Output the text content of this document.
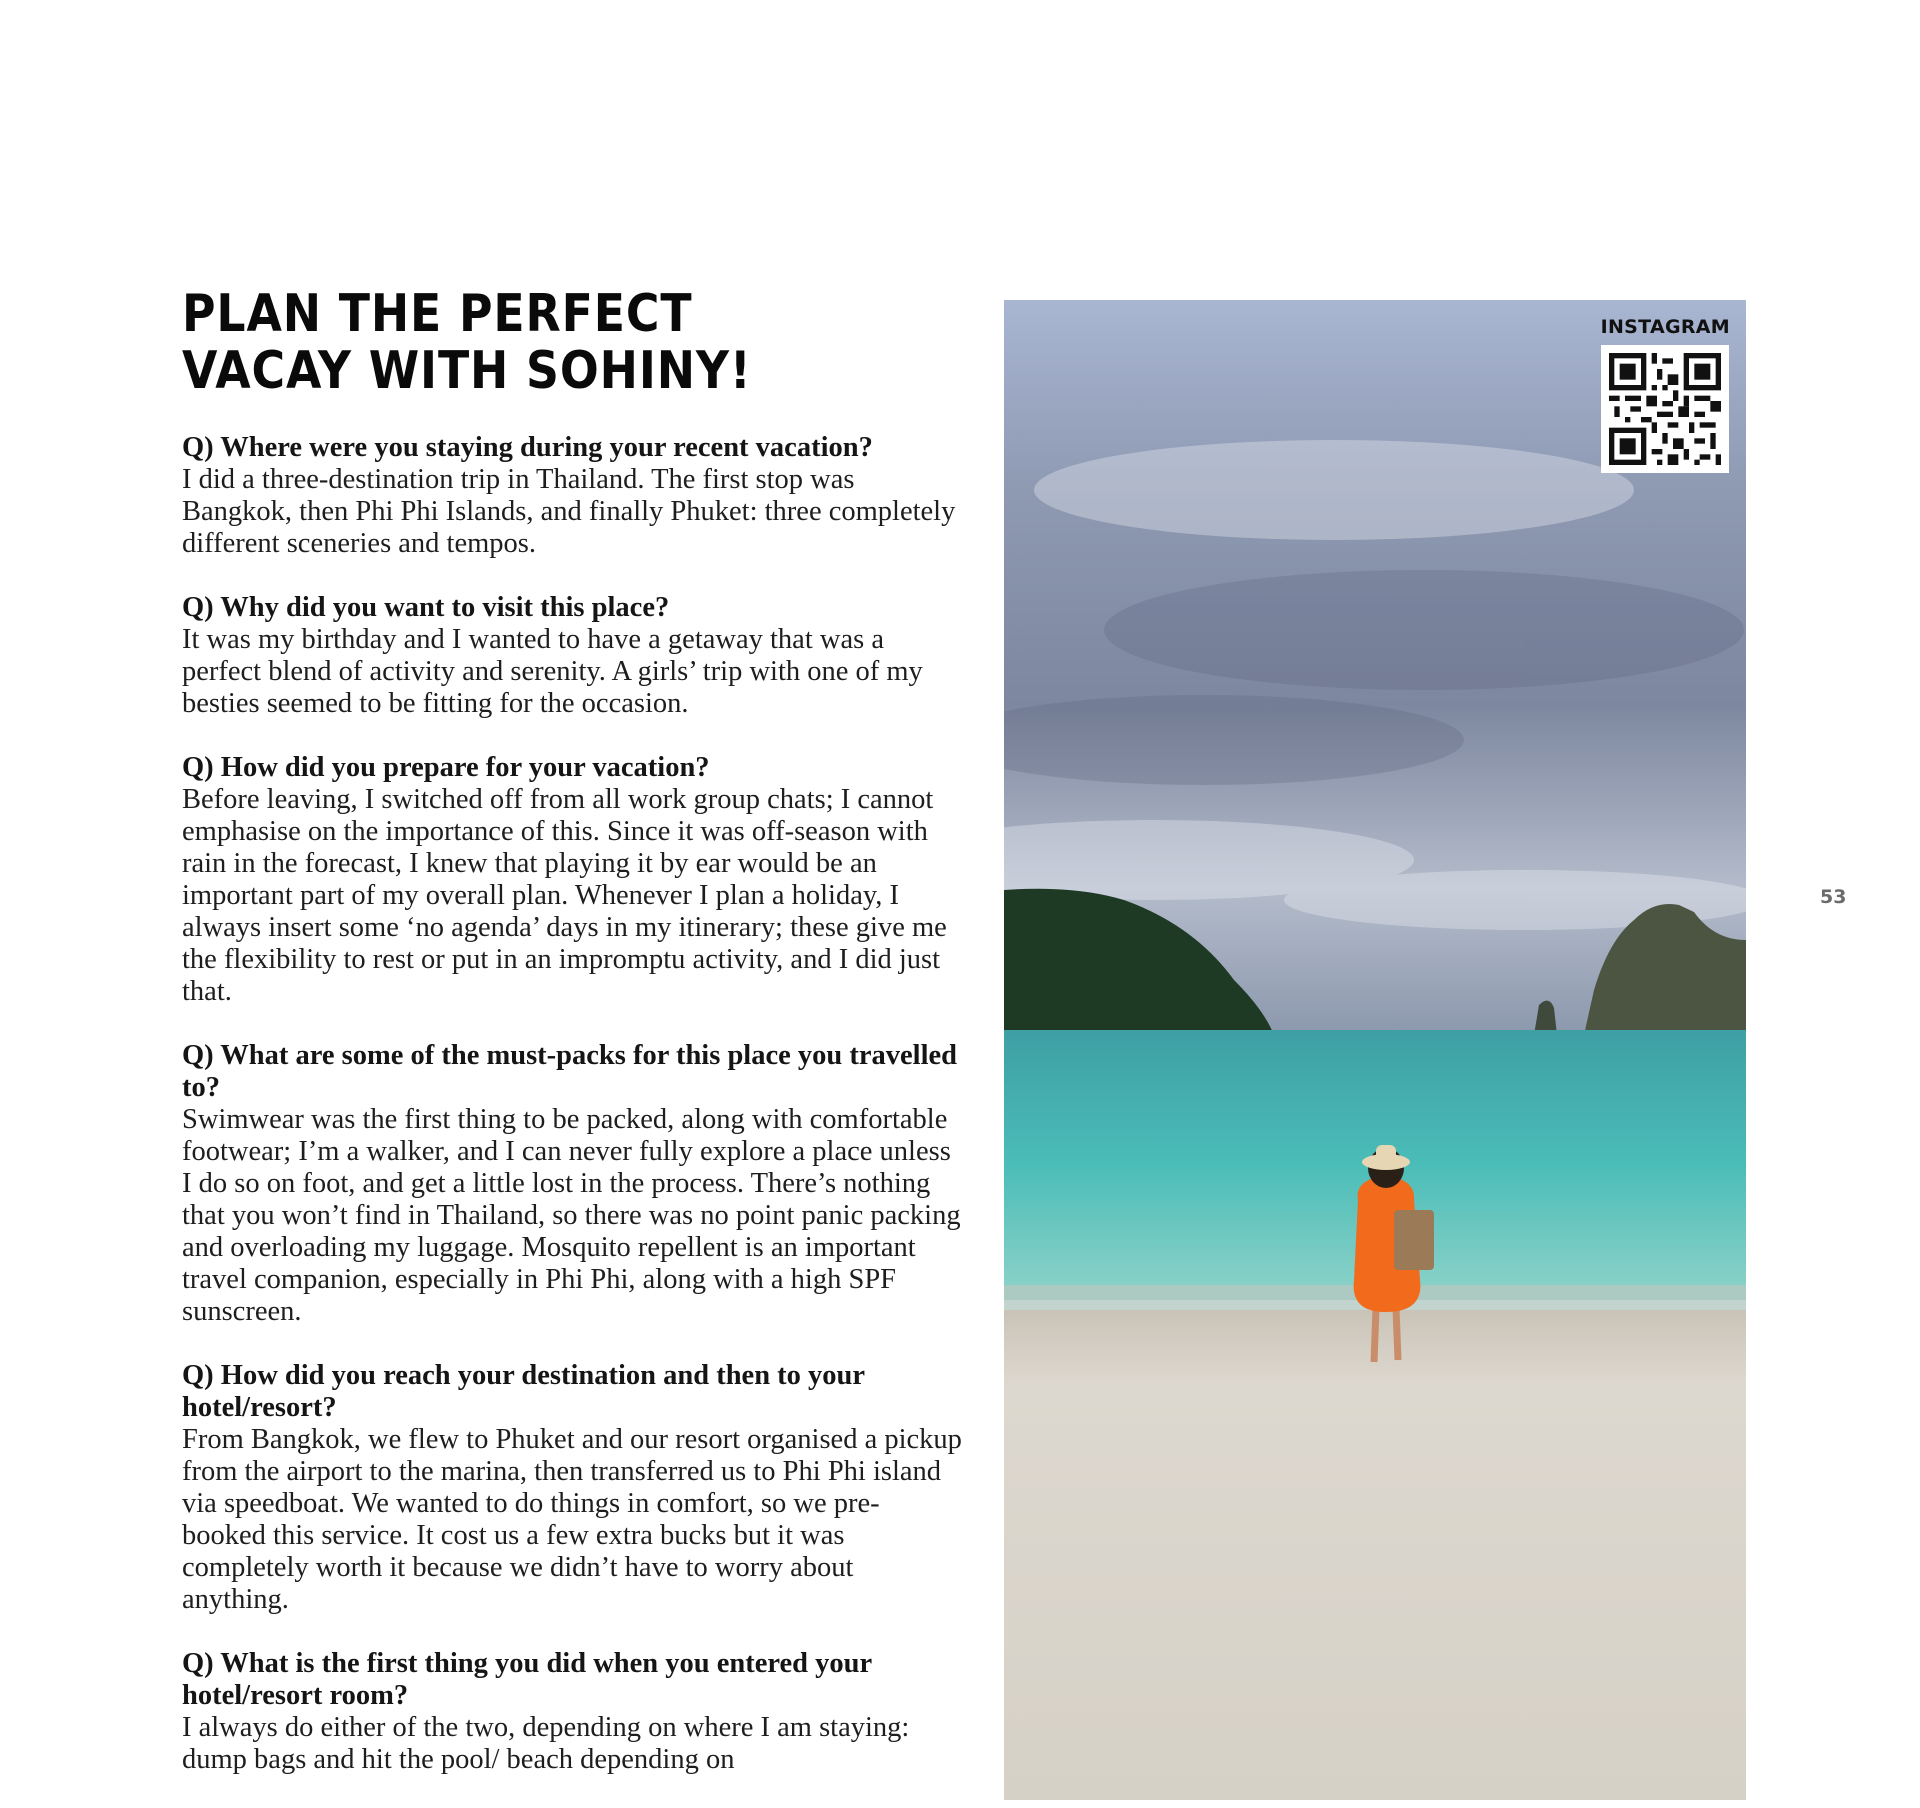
PLAN THE PERFECT
VACAY WITH SOHINY!
Q) Where were you staying during your recent vacation?
I did a three-destination trip in Thailand. The first stop was Bangkok, then Phi Phi Islands, and finally Phuket: three completely different sceneries and tempos.
Q) Why did you want to visit this place?
It was my birthday and I wanted to have a getaway that was a perfect blend of activity and serenity. A girls’ trip with one of my besties seemed to be fitting for the occasion.
Q) How did you prepare for your vacation?
Before leaving, I switched off from all work group chats; I cannot emphasise on the importance of this. Since it was off-season with rain in the forecast, I knew that playing it by ear would be an important part of my overall plan. Whenever I plan a holiday, I always insert some ‘no agenda’ days in my itinerary; these give me the flexibility to rest or put in an impromptu activity, and I did just that.
Q) What are some of the must-packs for this place you travelled to?
Swimwear was the first thing to be packed, along with comfortable footwear; I’m a walker, and I can never fully explore a place unless I do so on foot, and get a little lost in the process. There’s nothing that you won’t find in Thailand, so there was no point panic packing and overloading my luggage. Mosquito repellent is an important travel companion, especially in Phi Phi, along with a high SPF sunscreen.
Q) How did you reach your destination and then to your hotel/resort?
From Bangkok, we flew to Phuket and our resort organised a pickup from the airport to the marina, then transferred us to Phi Phi island via speedboat. We wanted to do things in comfort, so we pre-booked this service. It cost us a few extra bucks but it was completely worth it because we didn’t have to worry about anything.
Q) What is the first thing you did when you entered your hotel/resort room?
I always do either of the two, depending on where I am staying: dump bags and hit the pool/ beach depending on
INSTAGRAM
53
